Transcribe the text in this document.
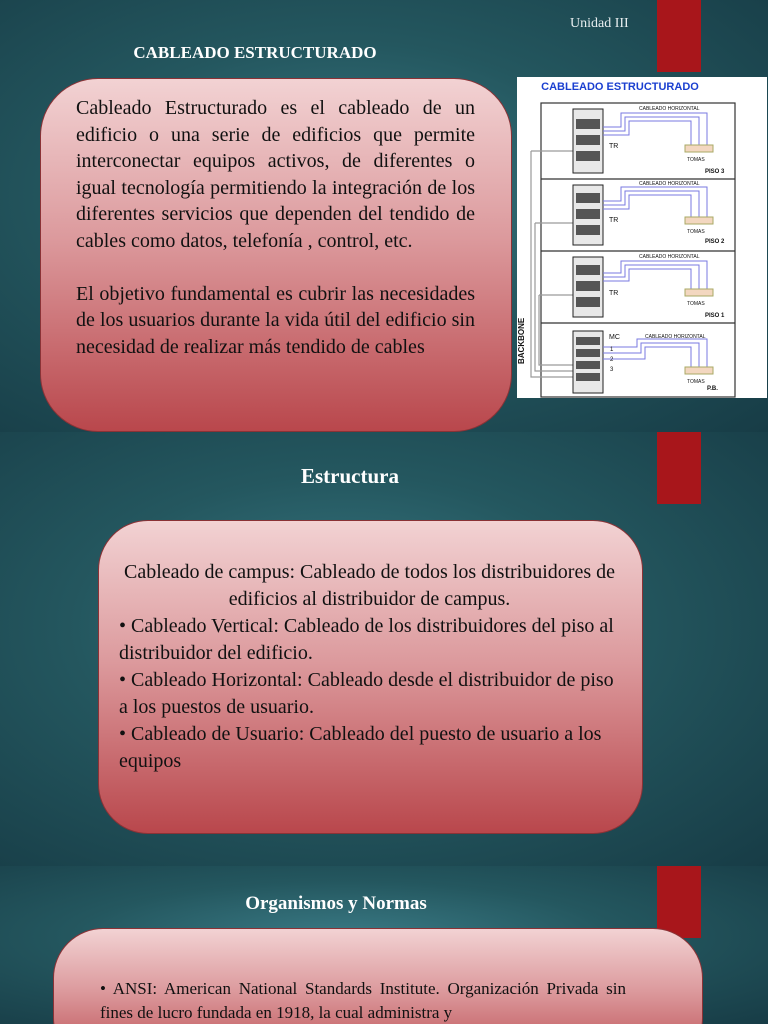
Unidad III
CABLEADO ESTRUCTURADO

Cableado Estructurado es el cableado de un edificio o una serie de edificios que permite interconectar equipos activos, de diferentes o igual tecnología permitiendo la integración de los diferentes servicios que dependen del tendido de cables como datos, telefonía , control, etc.

El objetivo fundamental es cubrir las necesidades de los usuarios durante la vida útil del edificio sin necesidad de realizar más tendido de cables

CABLEADO ESTRUCTURADO
BACKBONE
CABLEADO HORIZONTAL
TR
TOMAS
PISO 3
CABLEADO HORIZONTAL
TR
TOMAS
PISO 2
CABLEADO HORIZONTAL
TR
TOMAS
PISO 1
CABLEADO HORIZONTAL
MC
1
2
3
TOMAS
P.B.
Estructura
Cableado de campus: Cableado de todos los distribuidores de edificios al distribuidor de campus.
• Cableado Vertical: Cableado de los distribuidores del piso al distribuidor del edificio.
• Cableado Horizontal: Cableado desde el distribuidor de piso a los puestos de usuario.
• Cableado de Usuario: Cableado del puesto de usuario a los equipos
Organismos y Normas
• ANSI: American National Standards Institute. Organización Privada sin fines de lucro fundada en 1918, la cual administra y
